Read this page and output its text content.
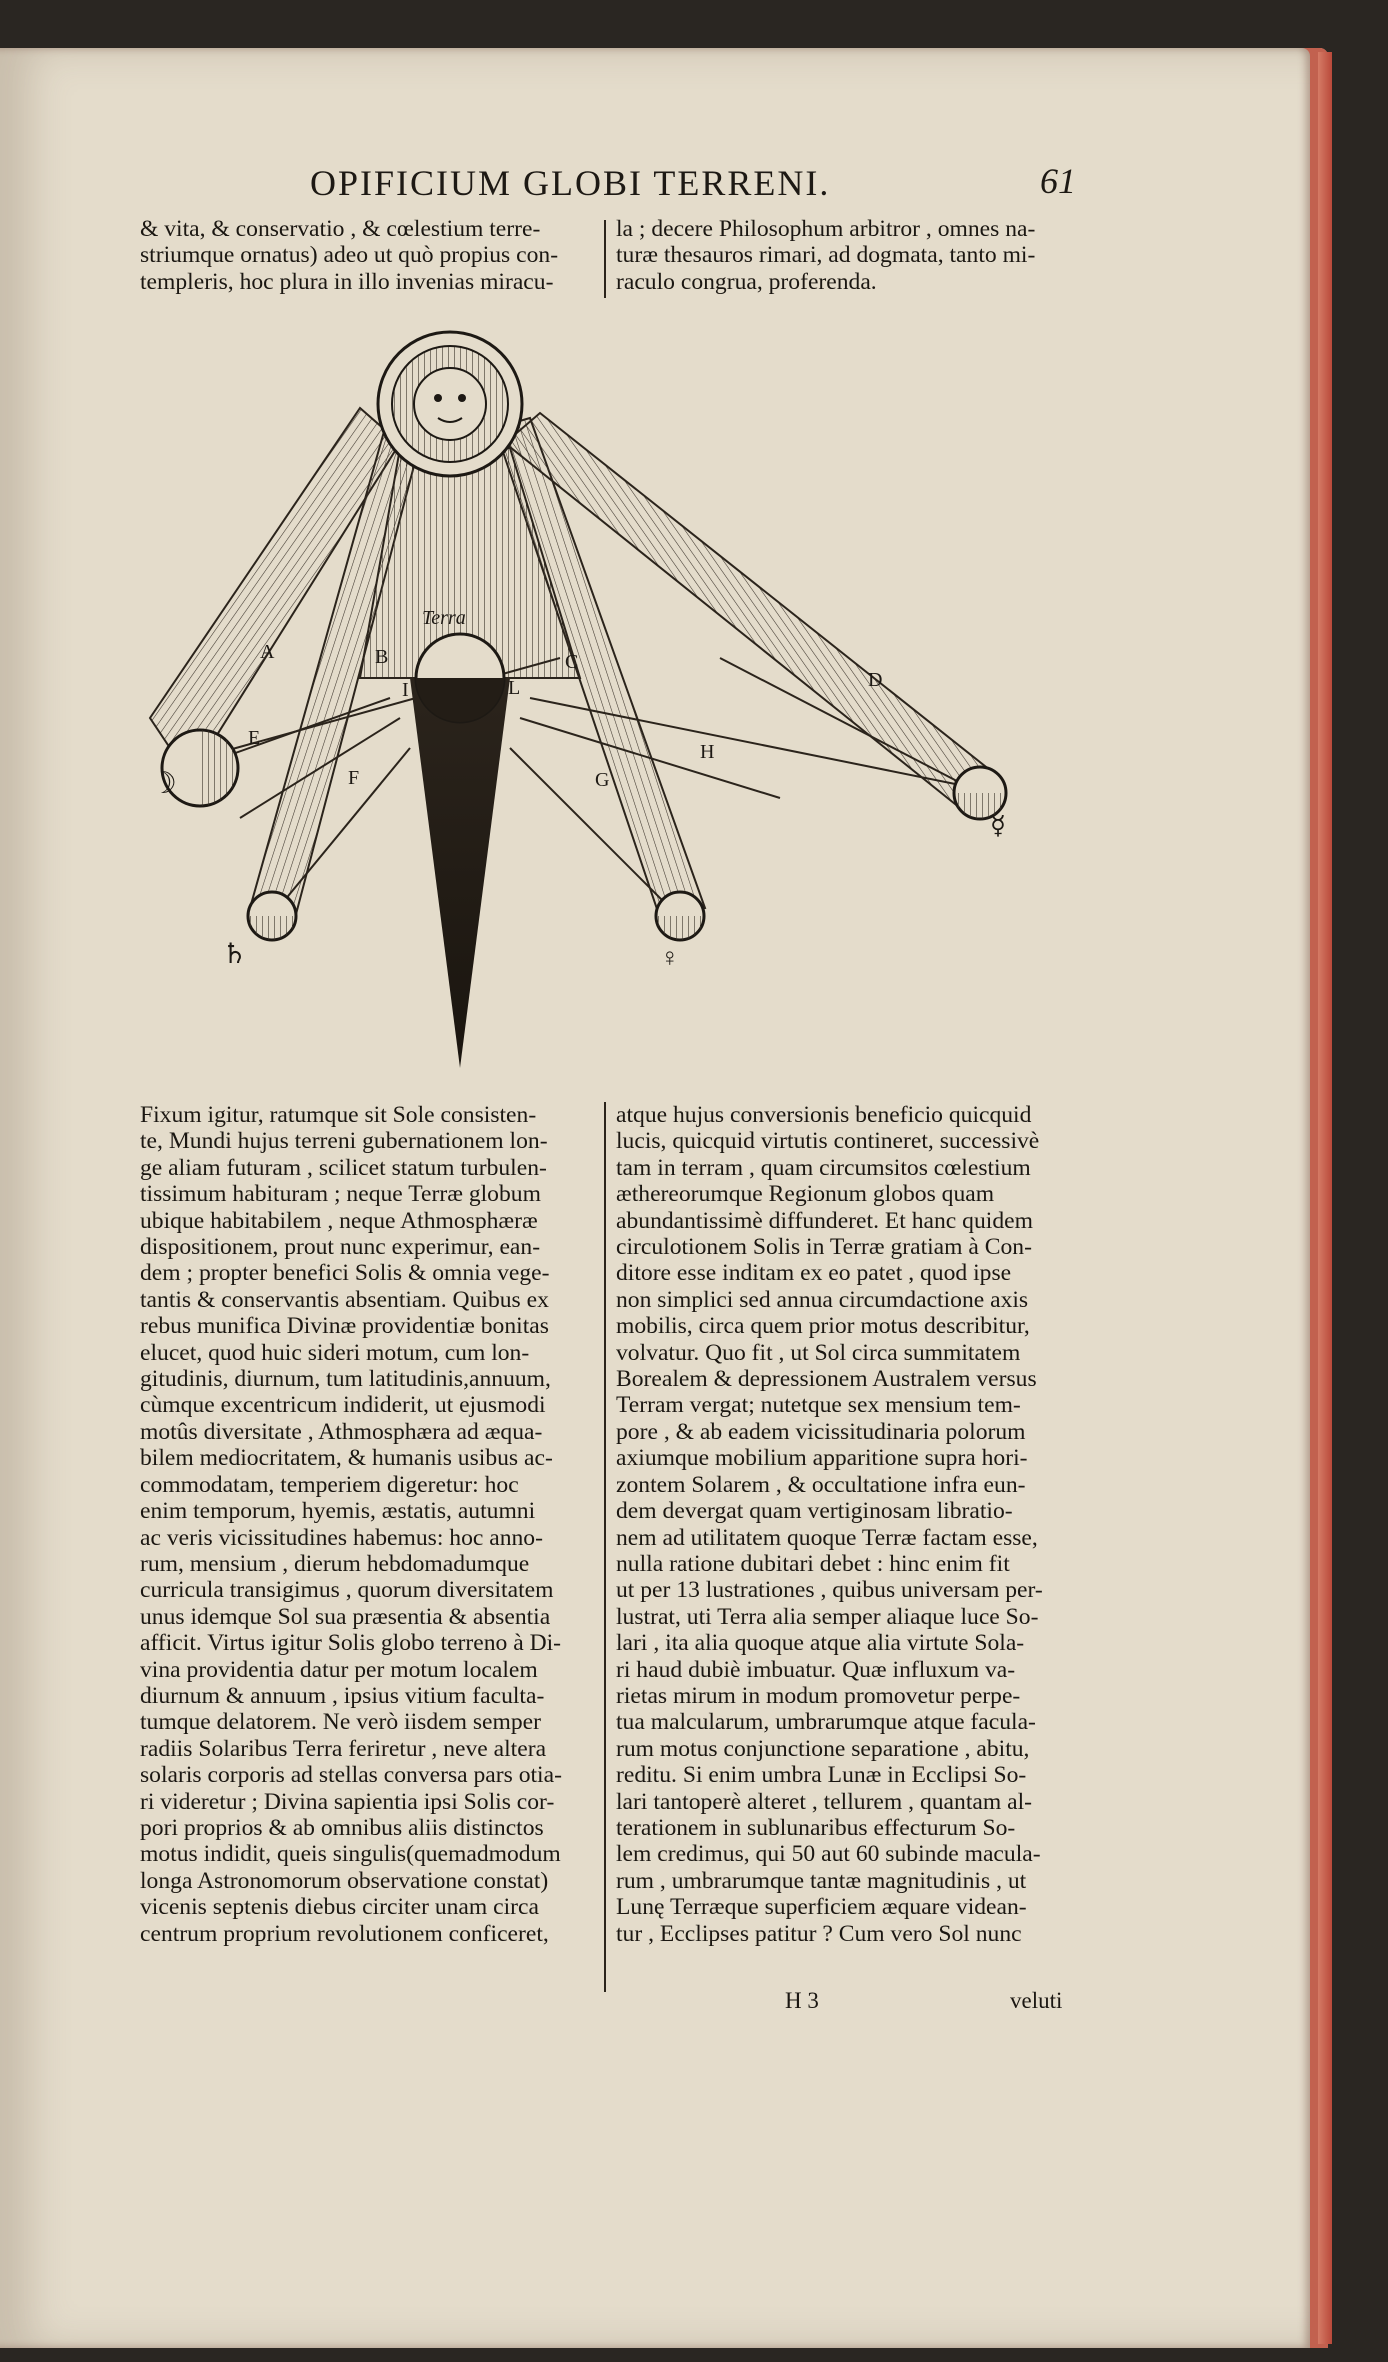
OPIFICIUM GLOBI TERRENI.	61
& vita, & conservatio , & cœlestium terre-
striumque ornatus) adeo ut quò propius con-
templeris, hoc plura in illo invenias miracu-
la ; decere Philosophum arbitror , omnes na-
turæ thesauros rimari, ad dogmata, tanto mi-
raculo congrua, proferenda.
Terra
A	B	C
D
E
F	G
H
I	L
☽
♄	♀
☿
Fixum igitur, ratumque sit Sole consisten-
te, Mundi hujus terreni gubernationem lon-
ge aliam futuram , scilicet statum turbulen-
tissimum habituram ; neque Terræ globum
ubique habitabilem , neque Athmosphæræ
dispositionem, prout nunc experimur, ean-
dem ; propter benefici Solis & omnia vege-
tantis & conservantis absentiam. Quibus ex
rebus munifica Divinæ providentiæ bonitas
elucet, quod huic sideri motum, cum lon-
gitudinis, diurnum, tum latitudinis,annuum,
cùmque excentricum indiderit, ut ejusmodi
motûs diversitate , Athmosphæra ad æqua-
bilem mediocritatem, & humanis usibus ac-
commodatam, temperiem digeretur: hoc
enim temporum, hyemis, æstatis, autumni
ac veris vicissitudines habemus: hoc anno-
rum, mensium , dierum hebdomadumque
curricula transigimus , quorum diversitatem
unus idemque Sol sua præsentia & absentia
afficit. Virtus igitur Solis globo terreno à Di-
vina providentia datur per motum localem
diurnum & annuum , ipsius vitium faculta-
tumque delatorem. Ne verò iisdem semper
radiis Solaribus Terra feriretur , neve altera
solaris corporis ad stellas conversa pars otia-
ri videretur ; Divina sapientia ipsi Solis cor-
pori proprios & ab omnibus aliis distinctos
motus indidit, queis singulis(quemadmodum
longa Astronomorum observatione constat)
vicenis septenis diebus circiter unam circa
centrum proprium revolutionem conficeret,
atque hujus conversionis beneficio quicquid
lucis, quicquid virtutis contineret, successivè
tam in terram , quam circumsitos cœlestium
æthereorumque Regionum globos quam
abundantissimè diffunderet. Et hanc quidem
circulotionem Solis in Terræ gratiam à Con-
ditore esse inditam ex eo patet , quod ipse
non simplici sed annua circumdactione axis
mobilis, circa quem prior motus describitur,
volvatur. Quo fit , ut Sol circa summitatem
Borealem & depressionem Australem versus
Terram vergat; nutetque sex mensium tem-
pore , & ab eadem vicissitudinaria polorum
axiumque mobilium apparitione supra hori-
zontem Solarem , & occultatione infra eun-
dem devergat quam vertiginosam libratio-
nem ad utilitatem quoque Terræ factam esse,
nulla ratione dubitari debet : hinc enim fit
ut per 13 lustrationes , quibus universam per-
lustrat, uti Terra alia semper aliaque luce So-
lari , ita alia quoque atque alia virtute Sola-
ri haud dubiè imbuatur. Quæ influxum va-
rietas mirum in modum promovetur perpe-
tua malcularum, umbrarumque atque facula-
rum motus conjunctione separatione , abitu,
reditu. Si enim umbra Lunæ in Ecclipsi So-
lari tantoperè alteret , tellurem , quantam al-
terationem in sublunaribus effecturum So-
lem credimus, qui 50 aut 60 subinde macula-
rum , umbrarumque tantæ magnitudinis , ut
Lunę Terræque superficiem æquare videan-
tur , Ecclipses patitur ? Cum vero Sol nunc
H 3	veluti
